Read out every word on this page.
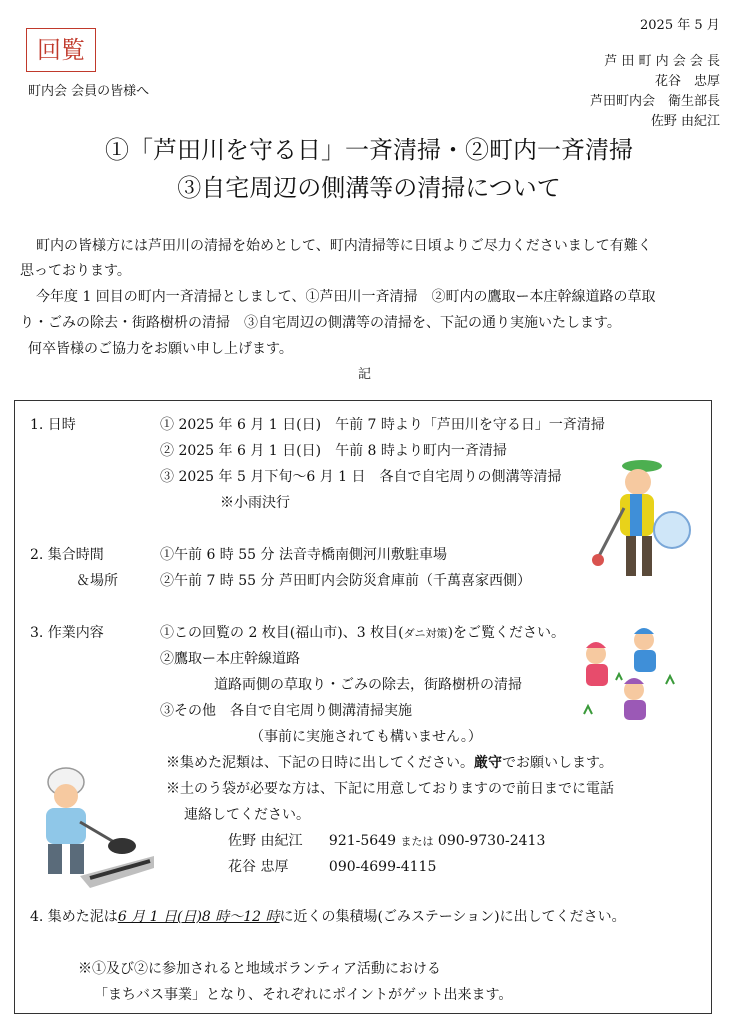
回覧
2025 年 5 月
芦 田 町 内 会 会 長
花谷　忠厚
芦田町内会　衛生部長
佐野 由紀江
町内会 会員の皆様へ
①「芦田川を守る日」一斉清掃・②町内一斉清掃
③自宅周辺の側溝等の清掃について
町内の皆様方には芦田川の清掃を始めとして、町内清掃等に日頃よりご尽力くださいまして有難く
思っております。
今年度 1 回目の町内一斉清掃としまして、①芦田川一斉清掃　②町内の鷹取ー本庄幹線道路の草取
り・ごみの除去・街路樹枡の清掃　③自宅周辺の側溝等の清掃を、下記の通り実施いたします。
何卒皆様のご協力をお願い申し上げます。
記
1. 日時	① 2025 年 6 月 1 日(日)　午前 7 時より「芦田川を守る日」一斉清掃
② 2025 年 6 月 1 日(日)　午前 8 時より町内一斉清掃
③ 2025 年 5 月下旬～6 月 1 日　各自で自宅周りの側溝等清掃
※小雨決行
2. 集合時間
＆場所
①午前 6 時 55 分 法音寺橋南側河川敷駐車場
②午前 7 時 55 分 芦田町内会防災倉庫前（千萬喜家西側）
3. 作業内容	①この回覧の 2 枚目(福山市)、3 枚目(ダニ対策)をご覧ください。
②鷹取ー本庄幹線道路
道路両側の草取り・ごみの除去，街路樹枡の清掃
③その他　各自で自宅周り側溝清掃実施
（事前に実施されても構いません。）
※集めた泥類は、下記の日時に出してください。厳守でお願いします。
※土のう袋が必要な方は、下記に用意しておりますので前日までに電話
連絡してください。
佐野 由紀江 921-5649 または 090-9730-2413
花谷 忠厚	090-4699-4115
4. 集めた泥は6 月 1 日(日)8 時～12 時に近くの集積場(ごみステーション)に出してください。
※①及び②に参加されると地域ボランティア活動における
「まちバス事業」となり、それぞれにポイントがゲット出来ます。
